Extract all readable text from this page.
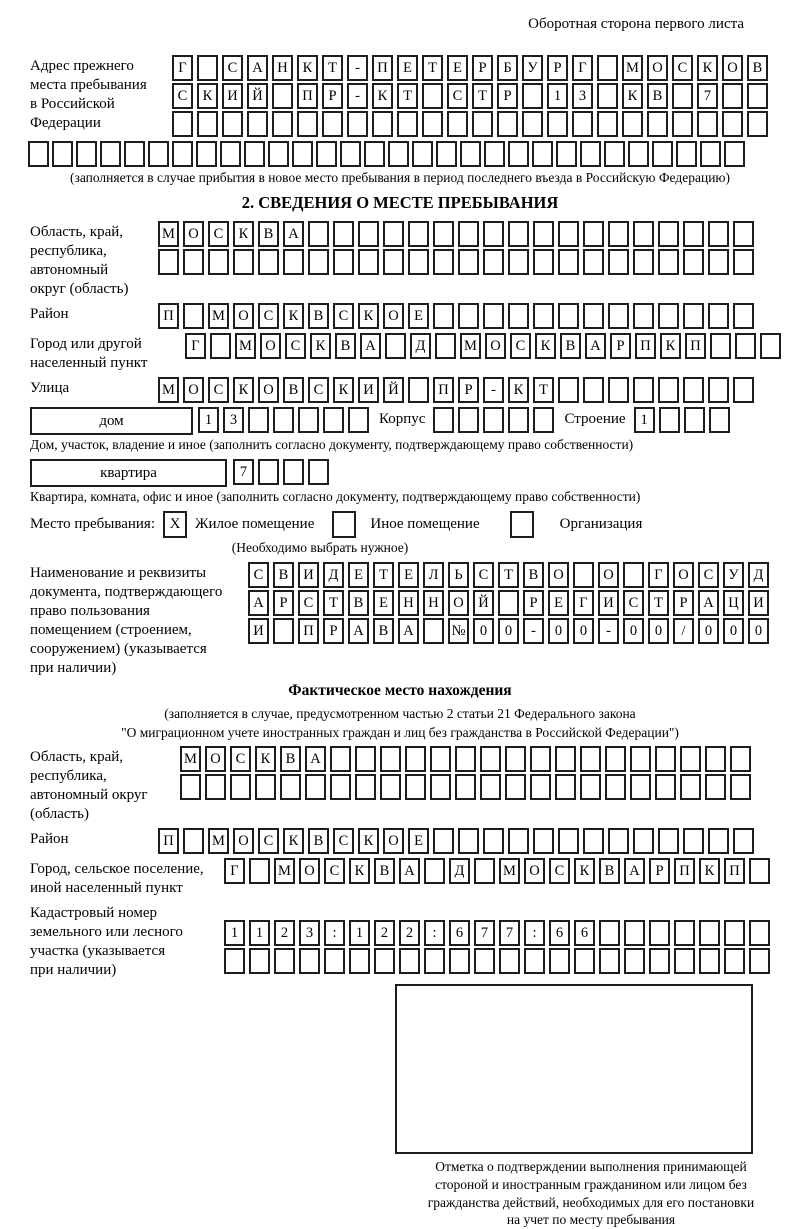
Оборотная сторона первого листа
Адрес прежнего
места пребывания
в Российской
Федерации
Г	С	А	Н	К	Т	-	П	Е	Т	Е	Р	Б	У	Р	Г	М О	С	К	О	В
С	К	И	Й	П	Р	-	К	Т	С	Т	Р	1	3	К	В	7
(заполняется в случае прибытия в новое место пребывания в период последнего въезда в Российскую Федерацию)
2. СВЕДЕНИЯ О МЕСТЕ ПРЕБЫВАНИЯ
Область, край,
республика,
автономный
округ (область)
М О	С	К	В	А
Район	П	М О	С	К	В	С	К	О	Е
Город или другой
населенный пункт
Г	М О	С	К	В	А	Д	М О	С	К	В	А	Р	П	К	П
Улица	М О	С	К	О	В	С	К	И	Й	П	Р	-	К	Т
дом	1	3	Корпус	Строение	1
Дом, участок, владение и иное (заполнить согласно документу, подтверждающему право собственности)
квартира	7
Квартира, комната, офис и иное (заполнить согласно документу, подтверждающему право собственности)
Место пребывания: X Жилое помещение	Иное помещение	Организация
(Необходимо выбрать нужное)
Наименование и реквизиты
документа, подтверждающего
право пользования
помещением (строением,
сооружением) (указывается
при наличии)
С	В	И	Д	Е	Т	Е	Л	Ь	С	Т	В	О	О	Г	О	С	У	Д
А	Р	С	Т	В	Е	Н	Н	О	Й	Р	Е	Г	И	С	Т	Р	А	Ц	И
И	П	Р	А	В	А	№ 0	0	-	0	0	-	0	0	/	0	0	0
Фактическое место нахождения
(заполняется в случае, предусмотренном частью 2 статьи 21 Федерального закона
"О миграционном учете иностранных граждан и лиц без гражданства в Российской Федерации")
Область, край,
республика,
автономный округ
(область)
М О	С	К	В	А
Район	П	М О	С	К	В	С	К	О	Е
Город, сельское поселение,
иной населенный пункт
Г	М О	С	К	В	А	Д	М О	С	К	В	А	Р	П	К	П
Кадастровый номер
земельного или лесного
участка (указывается
при наличии)
1	1	2	3	:	1	2	2	:	6	7	7	:	6	6
Отметка о подтверждении выполнения принимающей
стороной и иностранным гражданином или лицом без
гражданства действий, необходимых для его постановки
на учет по месту пребывания
